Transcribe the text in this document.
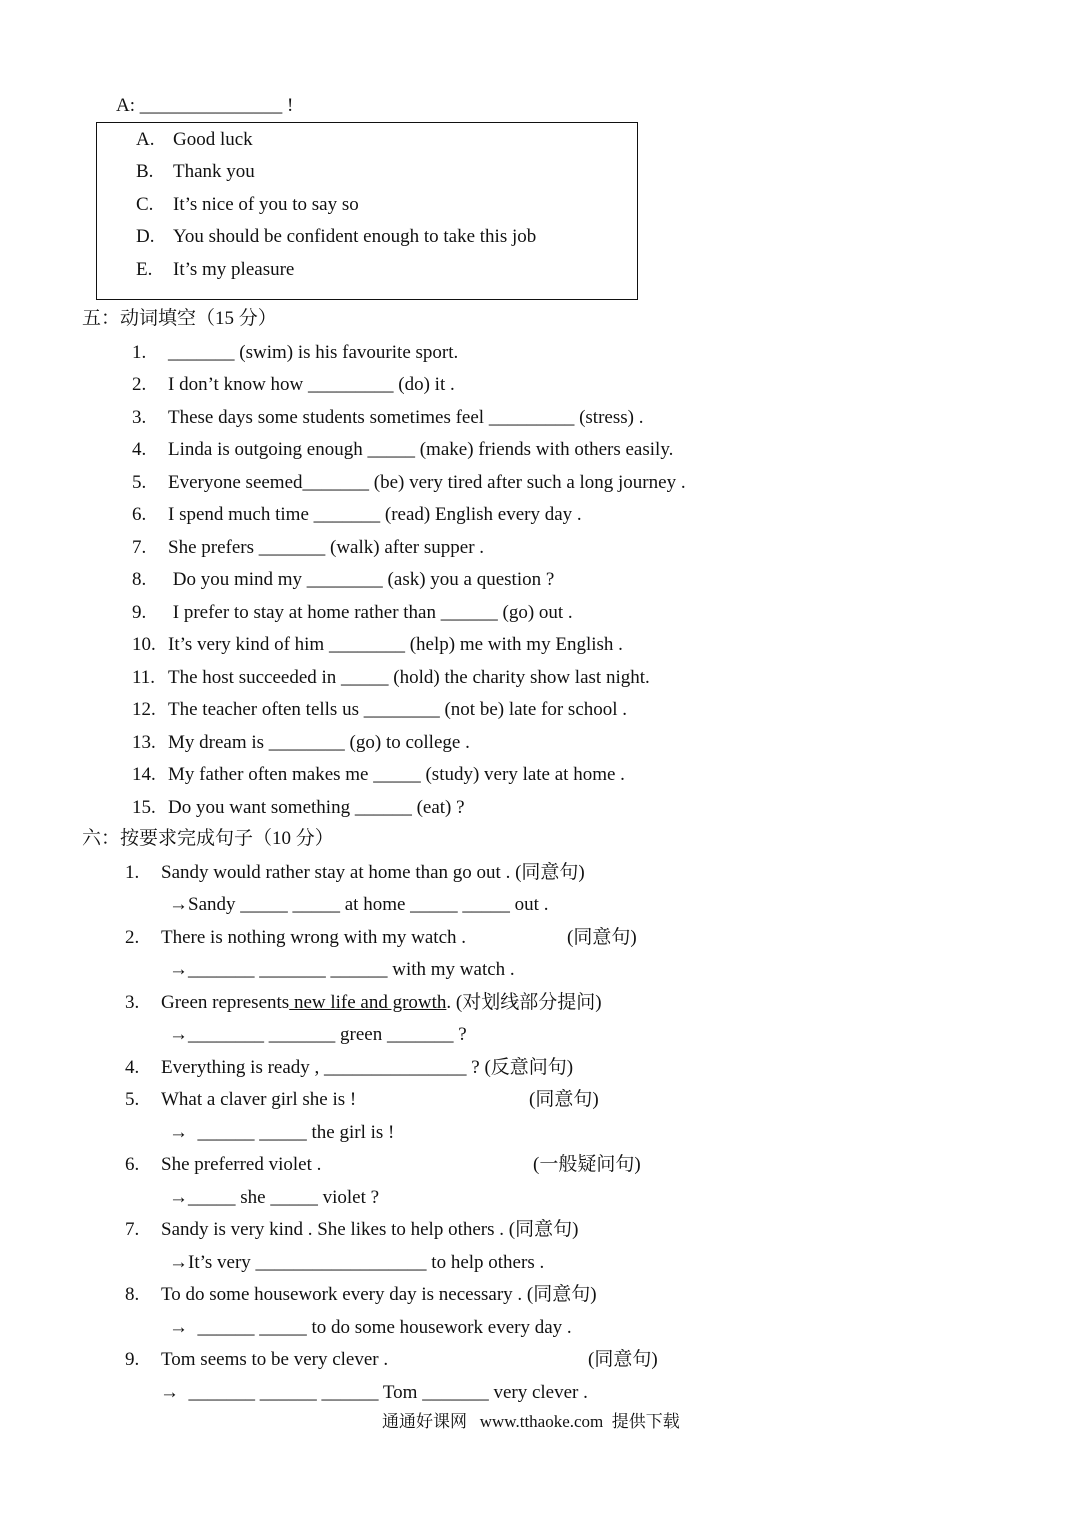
A: _______________ !
A. Good luck
B. Thank you
C. It’s nice of you to say so
D. You should be confident enough to take this job
E. It’s my pleasure
五：动词填空（15 分）
1. _______ (swim) is his favourite sport.
2. I don’t know how _________ (do) it .
3. These days some students sometimes feel _________ (stress) .
4. Linda is outgoing enough _____ (make) friends with others easily.
5. Everyone seemed_______ (be) very tired after such a long journey .
6. I spend much time _______ (read) English every day .
7. She prefers _______ (walk) after supper .
8. Do you mind my ________ (ask) you a question ?
9. I prefer to stay at home rather than ______ (go) out .
10. It’s very kind of him ________ (help) me with my English .
11. The host succeeded in _____ (hold) the charity show last night.
12. The teacher often tells us ________ (not be) late for school .
13. My dream is ________ (go) to college .
14. My father often makes me _____ (study) very late at home .
15. Do you want something ______ (eat) ?
六：按要求完成句子（10 分）
1. Sandy would rather stay at home than go out . (同意句)
→Sandy _____ _____ at home _____ _____ out .
2. There is nothing wrong with my watch .	(同意句)
→_______ _______ ______ with my watch .
3. Green represents new life and growth. (对划线部分提问)
→________ _______ green _______ ?
4. Everything is ready , _______________ ? (反意问句)
5. What a claver girl she is !	(同意句)
→  ______ _____ the girl is !
6. She preferred violet .	(一般疑问句)
→_____ she _____ violet ?
7. Sandy is very kind . She likes to help others . (同意句)
→It’s very __________________ to help others .
8. To do some housework every day is necessary . (同意句)
→  ______ _____ to do some housework every day .
9. Tom seems to be very clever .	(同意句)
→  _______ ______ ______ Tom _______ very clever .
通通好课网   www.tthaoke.com  提供下载
